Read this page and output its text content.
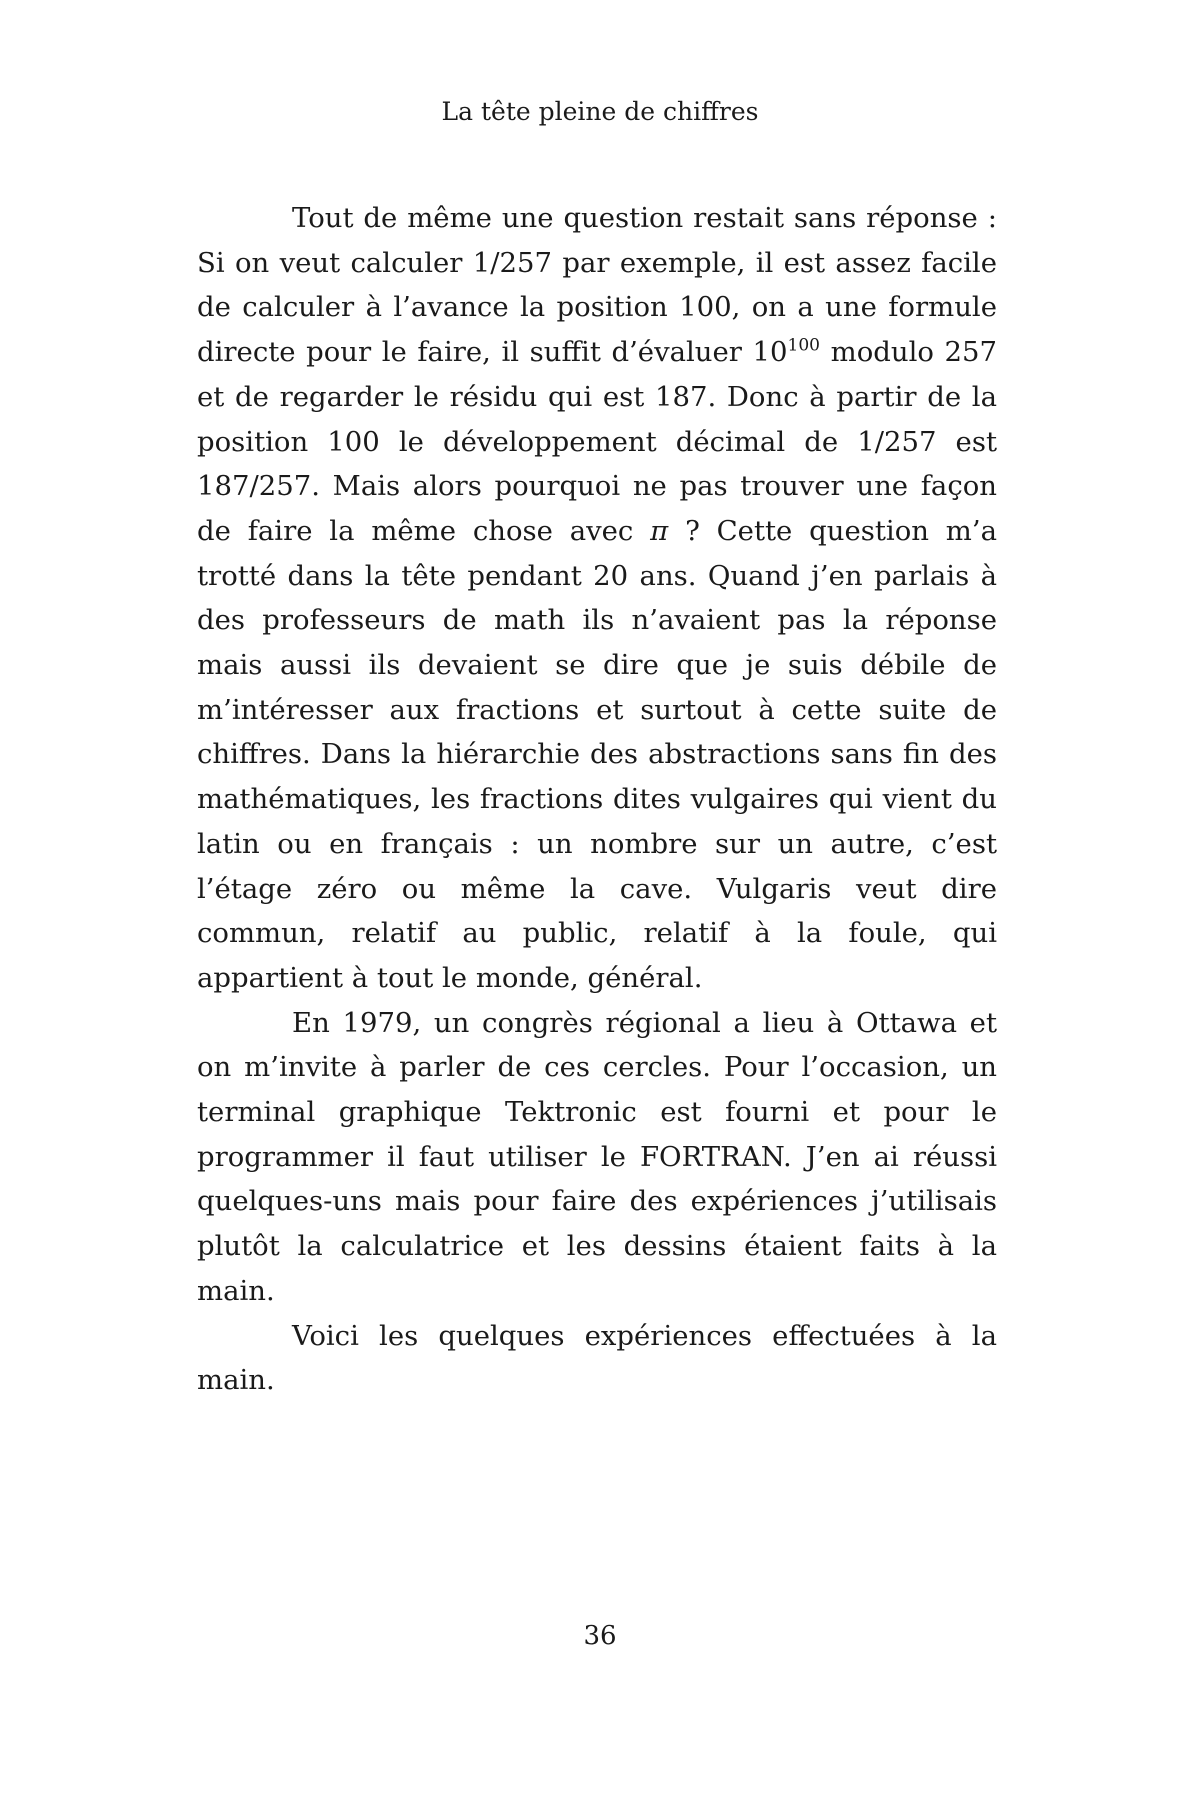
La tête pleine de chiffres

Tout de même une question restait sans réponse : Si on veut calculer 1/257 par exemple, il est assez facile de calculer à l’avance la position 100, on a une formule directe pour le faire, il suffit d’évaluer $10^{100}$ modulo 257 et de regarder le résidu qui est 187. Donc à partir de la position 100 le développement décimal de 1/257 est 187/257. Mais alors pourquoi ne pas trouver une façon de faire la même chose avec π ? Cette question m’a trotté dans la tête pendant 20 ans. Quand j’en parlais à des professeurs de math ils n’avaient pas la réponse mais aussi ils devaient se dire que je suis débile de m’intéresser aux fractions et surtout à cette suite de chiffres. Dans la hiérarchie des abstractions sans fin des mathématiques, les fractions dites vulgaires qui vient du latin ou en français : un nombre sur un autre, c’est l’étage zéro ou même la cave. Vulgaris veut dire commun, relatif au public, relatif à la foule, qui appartient à tout le monde, général.

En 1979, un congrès régional a lieu à Ottawa et on m’invite à parler de ces cercles. Pour l’occasion, un terminal graphique Tektronic est fourni et pour le programmer il faut utiliser le FORTRAN. J’en ai réussi quelques-uns mais pour faire des expériences j’utilisais plutôt la calculatrice et les dessins étaient faits à la main.

Voici les quelques expériences effectuées à la main.

36
